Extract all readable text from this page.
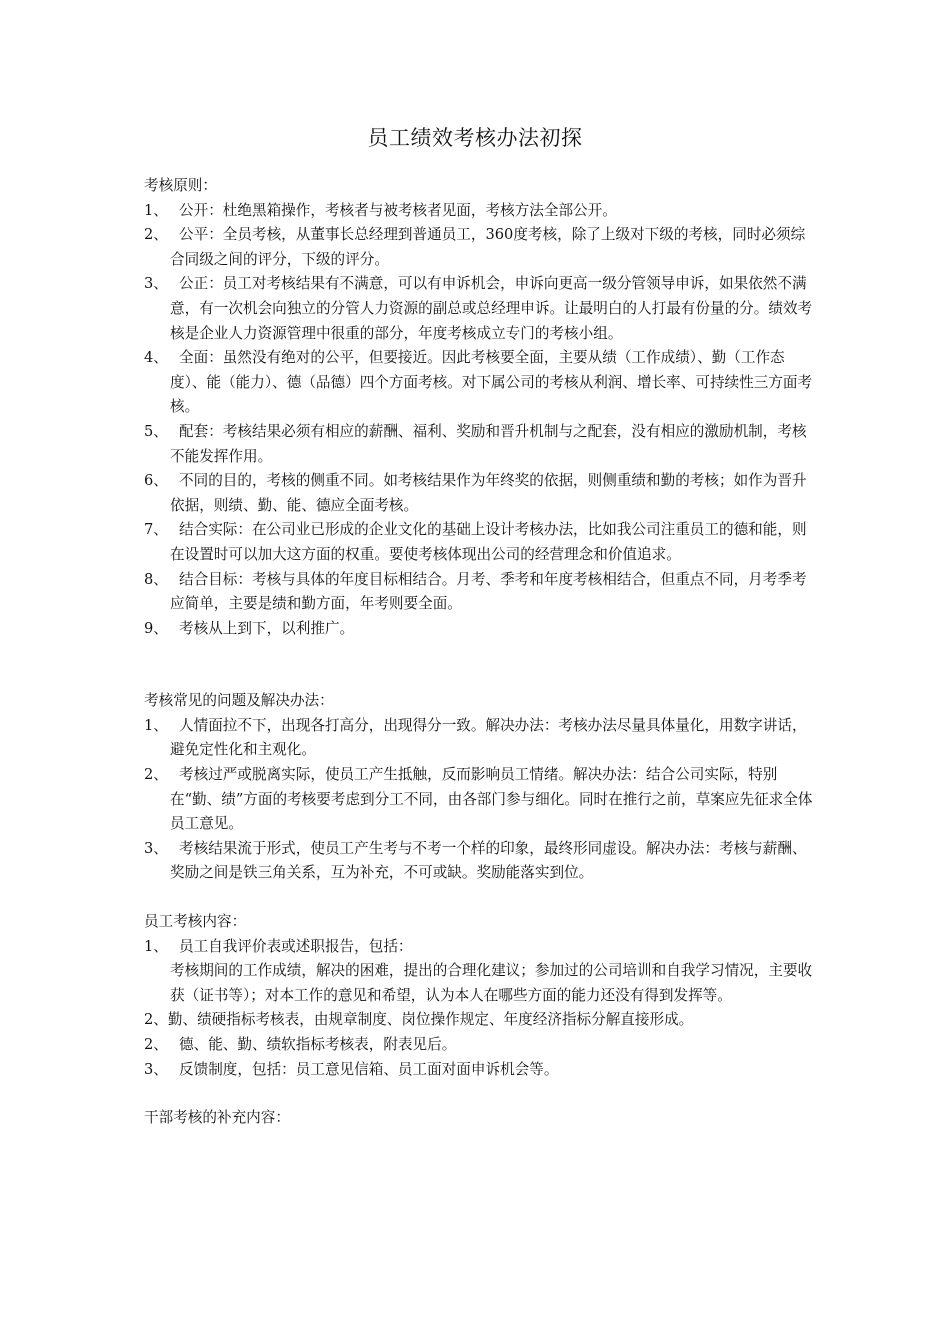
员工绩效考核办法初探

考核原则：

1、 公开：杜绝黑箱操作，考核者与被考核者见面，考核方法全部公开。
2、 公平：全员考核，从董事长总经理到普通员工，360度考核，除了上级对下级的考核，同时必须综合同级之间的评分，下级的评分。
3、 公正：员工对考核结果有不满意，可以有申诉机会，申诉向更高一级分管领导申诉，如果依然不满意，有一次机会向独立的分管人力资源的副总或总经理申诉。让最明白的人打最有份量的分。绩效考核是企业人力资源管理中很重的部分，年度考核成立专门的考核小组。
4、 全面：虽然没有绝对的公平，但要接近。因此考核要全面，主要从绩（工作成绩）、勤（工作态度）、能（能力）、德（品德）四个方面考核。对下属公司的考核从利润、增长率、可持续性三方面考核。
5、 配套：考核结果必须有相应的薪酬、福利、奖励和晋升机制与之配套，没有相应的激励机制，考核不能发挥作用。
6、 不同的目的，考核的侧重不同。如考核结果作为年终奖的依据，则侧重绩和勤的考核；如作为晋升依据，则绩、勤、能、德应全面考核。
7、 结合实际：在公司业已形成的企业文化的基础上设计考核办法，比如我公司注重员工的德和能，则在设置时可以加大这方面的权重。要使考核体现出公司的经营理念和价值追求。
8、 结合目标：考核与具体的年度目标相结合。月考、季考和年度考核相结合，但重点不同，月考季考应简单，主要是绩和勤方面，年考则要全面。
9、 考核从上到下，以利推广。

考核常见的问题及解决办法：

1、 人情面拉不下，出现各打高分，出现得分一致。解决办法：考核办法尽量具体量化，用数字讲话，避免定性化和主观化。
2、 考核过严或脱离实际，使员工产生抵触，反而影响员工情绪。解决办法：结合公司实际，特别在“勤、绩”方面的考核要考虑到分工不同，由各部门参与细化。同时在推行之前，草案应先征求全体员工意见。
3、 考核结果流于形式，使员工产生考与不考一个样的印象，最终形同虚设。解决办法：考核与薪酬、奖励之间是铁三角关系，互为补充，不可或缺。奖励能落实到位。

员工考核内容：

1、 员工自我评价表或述职报告，包括：
考核期间的工作成绩，解决的困难，提出的合理化建议；参加过的公司培训和自我学习情况，主要收获（证书等）；对本工作的意见和希望，认为本人在哪些方面的能力还没有得到发挥等。
2、勤、绩硬指标考核表，由规章制度、岗位操作规定、年度经济指标分解直接形成。
2、 德、能、勤、绩软指标考核表，附表见后。
3、 反馈制度，包括：员工意见信箱、员工面对面申诉机会等。

干部考核的补充内容：
